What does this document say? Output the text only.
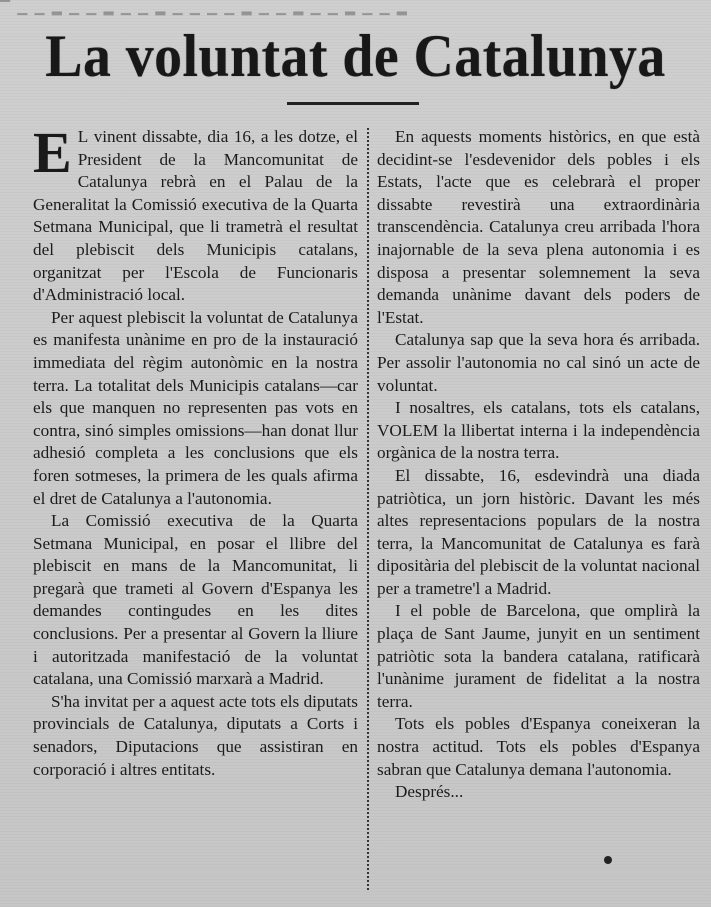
▔ ▁ ▁ ▂ ▁ ▁ ▂ ▁ ▁ ▂ ▁ ▁ ▁ ▁ ▂ ▁ ▁ ▂ ▁ ▁ ▂ ▁ ▁ ▂
La voluntat de Catalunya

E L vinent dissabte, dia 16, a les dotze, el President de la Mancomunitat de Catalunya rebrà en el Palau de la Generalitat la Comissió executiva de la Quarta Setmana Municipal, que li trametrà el resultat del plebiscit dels Municipis catalans, organitzat per l'Escola de Funcionaris d'Administració local.

Per aquest plebiscit la voluntat de Catalunya es manifesta unànime en pro de la instauració immediata del règim autonòmic en la nostra terra. La totalitat dels Municipis catalans—car els que manquen no representen pas vots en contra, sinó simples omissions—han donat llur adhesió completa a les conclusions que els foren sotmeses, la primera de les quals afirma el dret de Catalunya a l'autonomia.

La Comissió executiva de la Quarta Setmana Municipal, en posar el llibre del plebiscit en mans de la Mancomunitat, li pregarà que trameti al Govern d'Espanya les demandes contingudes en les dites conclusions. Per a presentar al Govern la lliure i autoritzada manifestació de la voluntat catalana, una Comissió marxarà a Madrid.

S'ha invitat per a aquest acte tots els diputats provincials de Catalunya, diputats a Corts i senadors, Diputacions que assistiran en corporació i altres entitats.

En aquests moments històrics, en que està decidint-se l'esdevenidor dels pobles i els Estats, l'acte que es celebrarà el proper dissabte revestirà una extraordinària transcendència. Catalunya creu arribada l'hora inajornable de la seva plena autonomia i es disposa a presentar solemnement la seva demanda unànime davant dels poders de l'Estat.

Catalunya sap que la seva hora és arribada. Per assolir l'autonomia no cal sinó un acte de voluntat.

I nosaltres, els catalans, tots els catalans, VOLEM la llibertat interna i la independència orgànica de la nostra terra.

El dissabte, 16, esdevindrà una diada patriòtica, un jorn històric. Davant les més altes representacions populars de la nostra terra, la Mancomunitat de Catalunya es farà dipositària del plebiscit de la voluntat nacional per a trametre'l a Madrid.

I el poble de Barcelona, que omplirà la plaça de Sant Jaume, junyit en un sentiment patriòtic sota la bandera catalana, ratificarà l'unànime jurament de fidelitat a la nostra terra.

Tots els pobles d'Espanya coneixeran la nostra actitud. Tots els pobles d'Espanya sabran que Catalunya demana l'autonomia.

Després...
